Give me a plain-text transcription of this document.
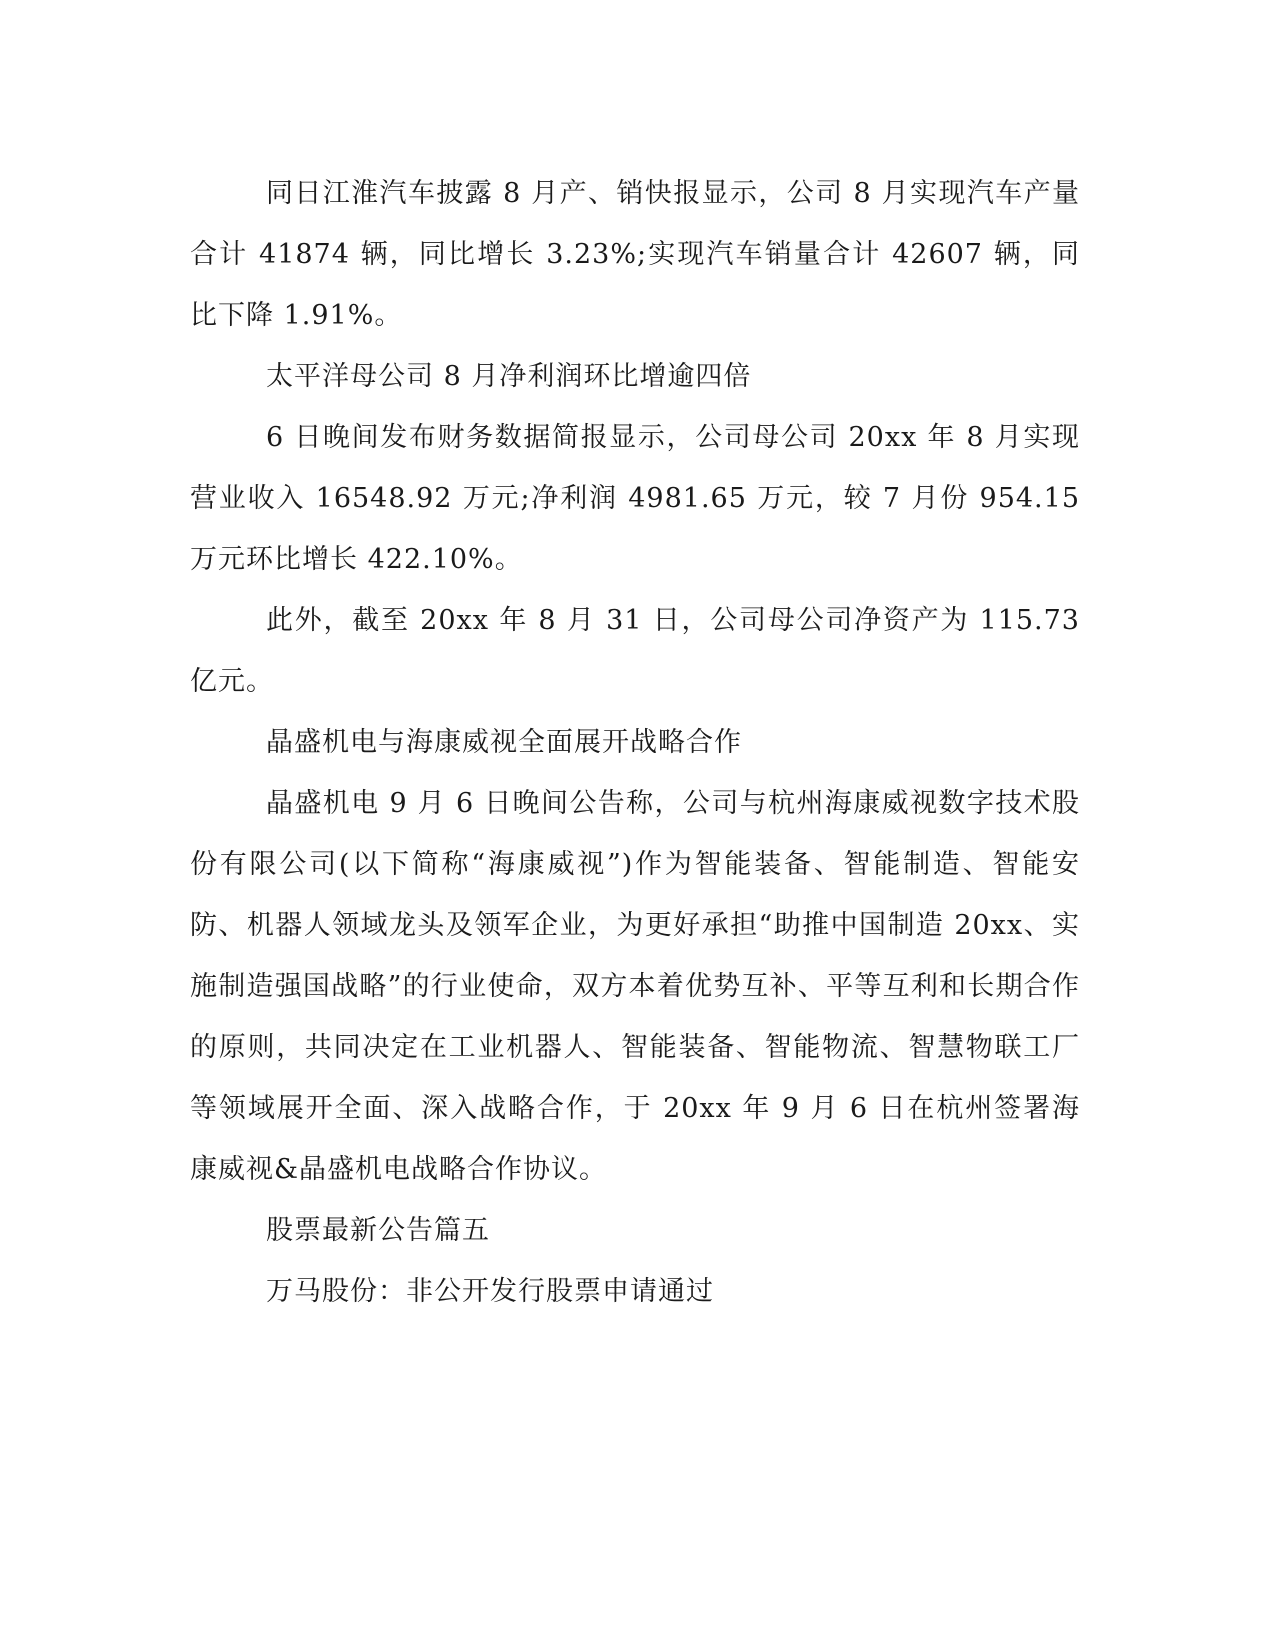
同日江淮汽车披露 8 月产、销快报显示，公司 8 月实现汽车产量合计 41874 辆，同比增长 3.23%;实现汽车销量合计 42607 辆，同比下降 1.91%。

太平洋母公司 8 月净利润环比增逾四倍

6 日晚间发布财务数据简报显示，公司母公司 20xx 年 8 月实现营业收入 16548.92 万元;净利润 4981.65 万元，较 7 月份 954.15 万元环比增长 422.10%。

此外，截至 20xx 年 8 月 31 日，公司母公司净资产为 115.73 亿元。

晶盛机电与海康威视全面展开战略合作

晶盛机电 9 月 6 日晚间公告称，公司与杭州海康威视数字技术股份有限公司(以下简称“海康威视”)作为智能装备、智能制造、智能安防、机器人领域龙头及领军企业，为更好承担“助推中国制造 20xx、实施制造强国战略”的行业使命，双方本着优势互补、平等互利和长期合作的原则，共同决定在工业机器人、智能装备、智能物流、智慧物联工厂等领域展开全面、深入战略合作，于 20xx 年 9 月 6 日在杭州签署海康威视&晶盛机电战略合作协议。

股票最新公告篇五

万马股份：非公开发行股票申请通过
